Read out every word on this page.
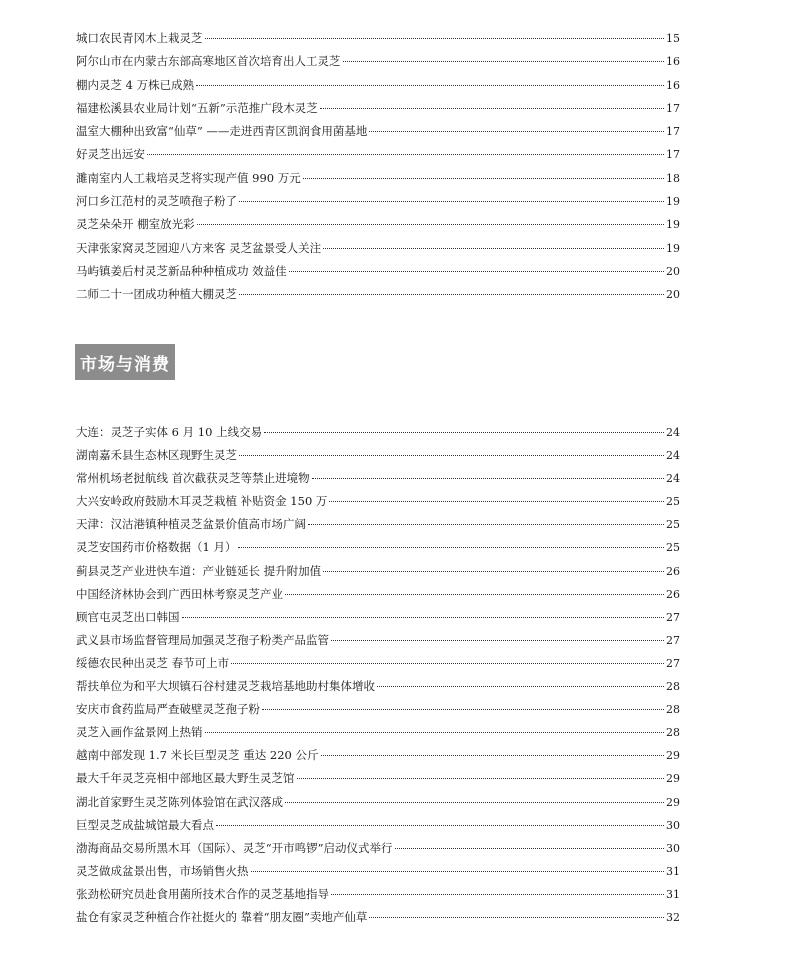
城口农民青冈木上栽灵芝	15
阿尔山市在内蒙古东部高寒地区首次培育出人工灵芝	16
棚内灵芝 4 万株已成熟	16
福建松溪县农业局计划“五新”示范推广段木灵芝	17
温室大棚种出致富“仙草” ——走进西青区凯润食用菌基地	17
好灵芝出远安	17
濉南室内人工栽培灵芝将实现产值 990 万元	18
河口乡江范村的灵芝喷孢子粉了	19
灵芝朵朵开 棚室放光彩	19
天津张家窝灵芝园迎八方来客 灵芝盆景受人关注	19
马屿镇姜后村灵芝新品种种植成功 效益佳	20
二师二十一团成功种植大棚灵芝	20
市场与消费
大连：灵芝子实体 6 月 10 上线交易	24
湖南嘉禾县生态林区现野生灵芝	24
常州机场老挝航线 首次截获灵芝等禁止进境物	24
大兴安岭政府鼓励木耳灵芝栽植 补贴资金 150 万	25
天津：汉沽港镇种植灵芝盆景价值高市场广阔	25
灵芝安国药市价格数据（1 月）	25
蓟县灵芝产业进快车道：产业链延长 提升附加值	26
中国经济林协会到广西田林考察灵芝产业	26
顾官屯灵芝出口韩国	27
武义县市场监督管理局加强灵芝孢子粉类产品监管	27
绥德农民种出灵芝 春节可上市	27
帮扶单位为和平大坝镇石谷村建灵芝栽培基地助村集体增收	28
安庆市食药监局严查破壁灵芝孢子粉	28
灵芝入画作盆景网上热销	28
越南中部发现 1.7 米长巨型灵芝 重达 220 公斤	29
最大千年灵芝亮相中部地区最大野生灵芝馆	29
湖北首家野生灵芝陈列体验馆在武汉落成	29
巨型灵芝成盐城馆最大看点	30
渤海商品交易所黑木耳（国际）、灵芝“开市鸣锣”启动仪式举行	30
灵芝做成盆景出售，市场销售火热	31
张劲松研究员赴食用菌所技术合作的灵芝基地指导	31
盐仓有家灵芝种植合作社挺火的 靠着“朋友圈”卖地产仙草	32
